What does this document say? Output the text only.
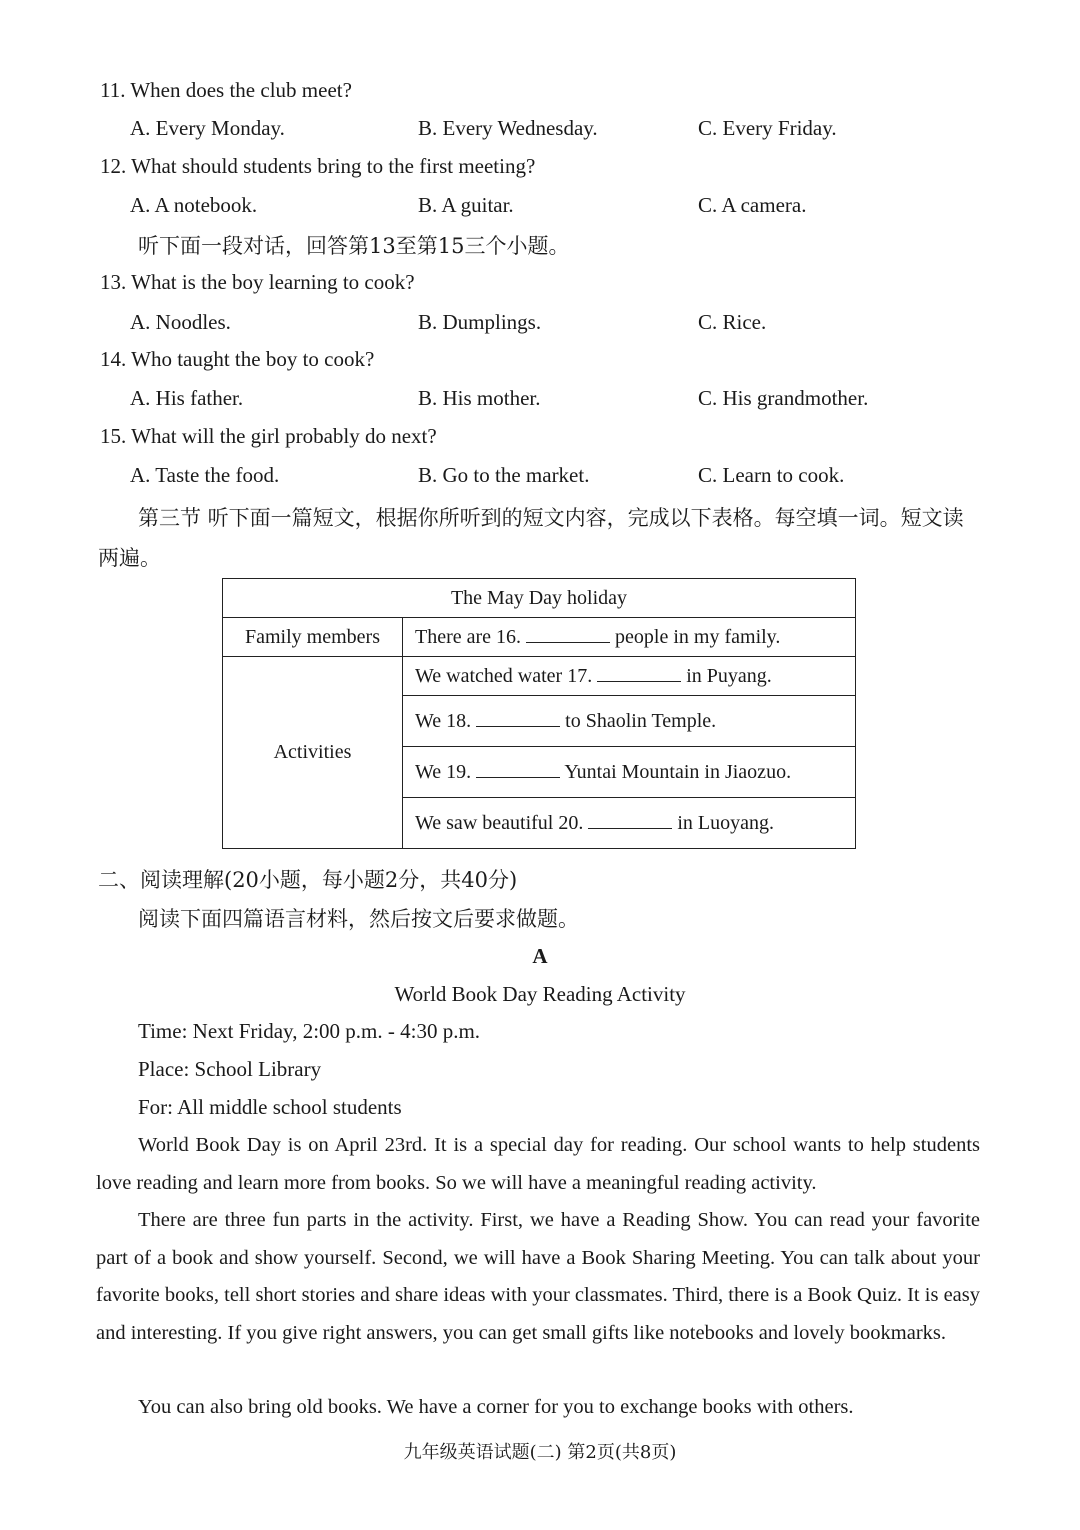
11. When does the club meet?
A. Every Monday.	B. Every Wednesday.	C. Every Friday.
12. What should students bring to the first meeting?
A. A notebook.	B. A guitar.	C. A camera.
听下面一段对话，回答第13至第15三个小题。
13. What is the boy learning to cook?
A. Noodles.	B. Dumplings.	C. Rice.
14. Who taught the boy to cook?
A. His father.	B. His mother.	C. His grandmother.
15. What will the girl probably do next?
A. Taste the food.	B. Go to the market.	C. Learn to cook.
第三节 听下面一篇短文，根据你所听到的短文内容，完成以下表格。每空填一词。短文读
两遍。
The May Day holiday	
Family members	There are 16. people in my family.
Activities	We watched water 17. in Puyang.
	We 18. to Shaolin Temple.
	We 19. Yuntai Mountain in Jiaozuo.
	We saw beautiful 20. in Luoyang.
二、阅读理解(20小题，每小题2分，共40分)
阅读下面四篇语言材料，然后按文后要求做题。
A
World Book Day Reading Activity
Time: Next Friday, 2:00 p.m. - 4:30 p.m.
Place: School Library
For: All middle school students
World Book Day is on April 23rd. It is a special day for reading. Our school wants to help students love reading and learn more from books. So we will have a meaningful reading activity.
There are three fun parts in the activity. First, we have a Reading Show. You can read your favorite part of a book and show yourself. Second, we will have a Book Sharing Meeting. You can talk about your favorite books, tell short stories and share ideas with your classmates. Third, there is a Book Quiz. It is easy and interesting. If you give right answers, you can get small gifts like notebooks and lovely bookmarks.
You can also bring old books. We have a corner for you to exchange books with others.
九年级英语试题(二) 第2页(共8页)
